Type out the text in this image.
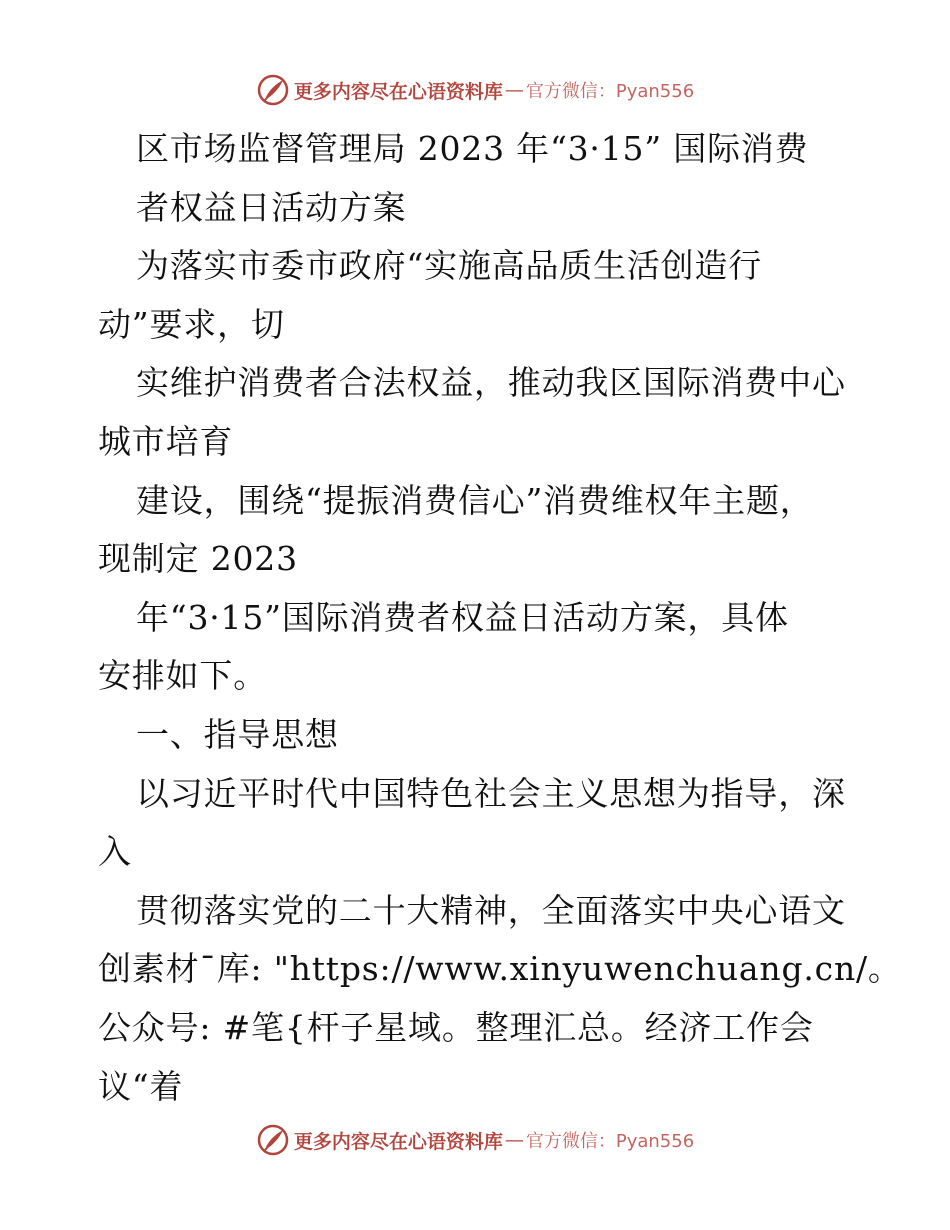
更多内容尽在心语资料库 — 官方微信：Pyan556
区市场监督管理局 2023 年“3·15” 国际消费
者权益日活动方案
为落实市委市政府“实施高品质生活创造行
动”要求，切
实维护消费者合法权益，推动我区国际消费中心
城市培育
建设，围绕“提振消费信心”消费维权年主题，
现制定 2023
年“3·15”国际消费者权益日活动方案，具体
安排如下。
一、指导思想
以习近平时代中国特色社会主义思想为指导，深
入
贯彻落实党的二十大精神，全面落实中央心语文
创素材¯库: "https://www.xinyuwenchuang.cn/。
公众号: #笔{杆子星域。整理汇总。经济工作会
议“着
更多内容尽在心语资料库 — 官方微信：Pyan556
